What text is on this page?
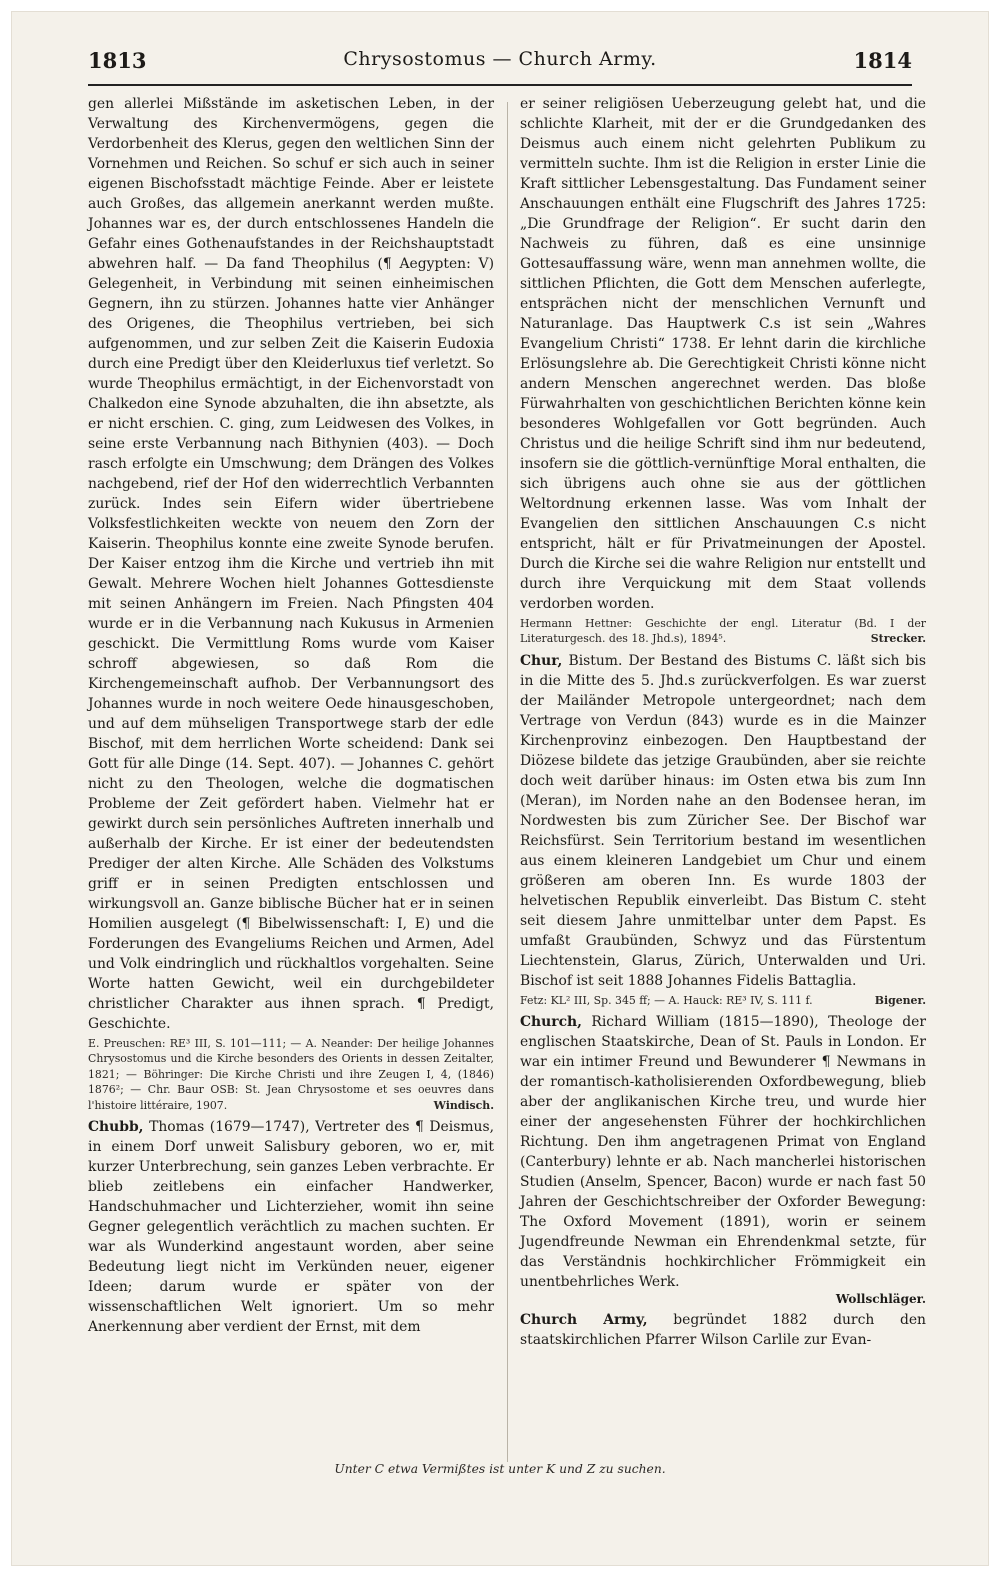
1813	Chrysostomus — Church Army.	1814

gen allerlei Mißstände im asketischen Leben, in der Verwaltung des Kirchenvermögens, gegen die Verdorbenheit des Klerus, gegen den weltlichen Sinn der Vornehmen und Reichen. So schuf er sich auch in seiner eigenen Bischofsstadt mächtige Feinde. Aber er leistete auch Großes, das allgemein anerkannt werden mußte. Johannes war es, der durch entschlossenes Handeln die Gefahr eines Gothenaufstandes in der Reichshauptstadt abwehren half. — Da fand Theophilus (¶ Aegypten: V) Gelegenheit, in Verbindung mit seinen einheimischen Gegnern, ihn zu stürzen. Johannes hatte vier Anhänger des Origenes, die Theophilus vertrieben, bei sich aufgenommen, und zur selben Zeit die Kaiserin Eudoxia durch eine Predigt über den Kleiderluxus tief verletzt. So wurde Theophilus ermächtigt, in der Eichenvorstadt von Chalkedon eine Synode abzuhalten, die ihn absetzte, als er nicht erschien. C. ging, zum Leidwesen des Volkes, in seine erste Verbannung nach Bithynien (403). — Doch rasch erfolgte ein Umschwung; dem Drängen des Volkes nachgebend, rief der Hof den widerrechtlich Verbannten zurück. Indes sein Eifern wider übertriebene Volksfestlichkeiten weckte von neuem den Zorn der Kaiserin. Theophilus konnte eine zweite Synode berufen. Der Kaiser entzog ihm die Kirche und vertrieb ihn mit Gewalt. Mehrere Wochen hielt Johannes Gottesdienste mit seinen Anhängern im Freien. Nach Pfingsten 404 wurde er in die Verbannung nach Kukusus in Armenien geschickt. Die Vermittlung Roms wurde vom Kaiser schroff abgewiesen, so daß Rom die Kirchengemeinschaft aufhob. Der Verbannungsort des Johannes wurde in noch weitere Oede hinausgeschoben, und auf dem mühseligen Transportwege starb der edle Bischof, mit dem herrlichen Worte scheidend: Dank sei Gott für alle Dinge (14. Sept. 407). — Johannes C. gehört nicht zu den Theologen, welche die dogmatischen Probleme der Zeit gefördert haben. Vielmehr hat er gewirkt durch sein persönliches Auftreten innerhalb und außerhalb der Kirche. Er ist einer der bedeutendsten Prediger der alten Kirche. Alle Schäden des Volkstums griff er in seinen Predigten entschlossen und wirkungsvoll an. Ganze biblische Bücher hat er in seinen Homilien ausgelegt (¶ Bibelwissenschaft: I, E) und die Forderungen des Evangeliums Reichen und Armen, Adel und Volk eindringlich und rückhaltlos vorgehalten. Seine Worte hatten Gewicht, weil ein durchgebildeter christlicher Charakter aus ihnen sprach. ¶ Predigt, Geschichte.

E. Preuschen: RE³ III, S. 101—111; — A. Neander: Der heilige Johannes Chrysostomus und die Kirche besonders des Orients in dessen Zeitalter, 1821; — Böhringer: Die Kirche Christi und ihre Zeugen I, 4, (1846) 1876²; — Chr. Baur OSB: St. Jean Chrysostome et ses oeuvres dans l'histoire littéraire, 1907.	Windisch.

Chubb, Thomas (1679—1747), Vertreter des ¶ Deismus, in einem Dorf unweit Salisbury geboren, wo er, mit kurzer Unterbrechung, sein ganzes Leben verbrachte. Er blieb zeitlebens ein einfacher Handwerker, Handschuhmacher und Lichterzieher, womit ihn seine Gegner gelegentlich verächtlich zu machen suchten. Er war als Wunderkind angestaunt worden, aber seine Bedeutung liegt nicht im Verkünden neuer, eigener Ideen; darum wurde er später von der wissenschaftlichen Welt ignoriert. Um so mehr Anerkennung aber verdient der Ernst, mit dem

er seiner religiösen Ueberzeugung gelebt hat, und die schlichte Klarheit, mit der er die Grundgedanken des Deismus auch einem nicht gelehrten Publikum zu vermitteln suchte. Ihm ist die Religion in erster Linie die Kraft sittlicher Lebensgestaltung. Das Fundament seiner Anschauungen enthält eine Flugschrift des Jahres 1725: „Die Grundfrage der Religion“. Er sucht darin den Nachweis zu führen, daß es eine unsinnige Gottesauffassung wäre, wenn man annehmen wollte, die sittlichen Pflichten, die Gott dem Menschen auferlegte, entsprächen nicht der menschlichen Vernunft und Naturanlage. Das Hauptwerk C.s ist sein „Wahres Evangelium Christi“ 1738. Er lehnt darin die kirchliche Erlösungslehre ab. Die Gerechtigkeit Christi könne nicht andern Menschen angerechnet werden. Das bloße Fürwahrhalten von geschichtlichen Berichten könne kein besonderes Wohlgefallen vor Gott begründen. Auch Christus und die heilige Schrift sind ihm nur bedeutend, insofern sie die göttlich-vernünftige Moral enthalten, die sich übrigens auch ohne sie aus der göttlichen Weltordnung erkennen lasse. Was vom Inhalt der Evangelien den sittlichen Anschauungen C.s nicht entspricht, hält er für Privatmeinungen der Apostel. Durch die Kirche sei die wahre Religion nur entstellt und durch ihre Verquickung mit dem Staat vollends verdorben worden.

Hermann Hettner: Geschichte der engl. Literatur (Bd. I der Literaturgesch. des 18. Jhd.s), 1894⁵.	Strecker.

Chur, Bistum. Der Bestand des Bistums C. läßt sich bis in die Mitte des 5. Jhd.s zurückverfolgen. Es war zuerst der Mailänder Metropole untergeordnet; nach dem Vertrage von Verdun (843) wurde es in die Mainzer Kirchenprovinz einbezogen. Den Hauptbestand der Diözese bildete das jetzige Graubünden, aber sie reichte doch weit darüber hinaus: im Osten etwa bis zum Inn (Meran), im Norden nahe an den Bodensee heran, im Nordwesten bis zum Züricher See. Der Bischof war Reichsfürst. Sein Territorium bestand im wesentlichen aus einem kleineren Landgebiet um Chur und einem größeren am oberen Inn. Es wurde 1803 der helvetischen Republik einverleibt. Das Bistum C. steht seit diesem Jahre unmittelbar unter dem Papst. Es umfaßt Graubünden, Schwyz und das Fürstentum Liechtenstein, Glarus, Zürich, Unterwalden und Uri. Bischof ist seit 1888 Johannes Fidelis Battaglia.

Fetz: KL² III, Sp. 345 ff; — A. Hauck: RE³ IV, S. 111 f.	Bigener.

Church, Richard William (1815—1890), Theologe der englischen Staatskirche, Dean of St. Pauls in London. Er war ein intimer Freund und Bewunderer ¶ Newmans in der romantisch-katholisierenden Oxfordbewegung, blieb aber der anglikanischen Kirche treu, und wurde hier einer der angesehensten Führer der hochkirchlichen Richtung. Den ihm angetragenen Primat von England (Canterbury) lehnte er ab. Nach mancherlei historischen Studien (Anselm, Spencer, Bacon) wurde er nach fast 50 Jahren der Geschichtschreiber der Oxforder Bewegung: The Oxford Movement (1891), worin er seinem Jugendfreunde Newman ein Ehrendenkmal setzte, für das Verständnis hochkirchlicher Frömmigkeit ein unentbehrliches Werk.

Wollschläger.

Church Army, begründet 1882 durch den staatskirchlichen Pfarrer Wilson Carlile zur Evan-

Unter C etwa Vermißtes ist unter K und Z zu suchen.
